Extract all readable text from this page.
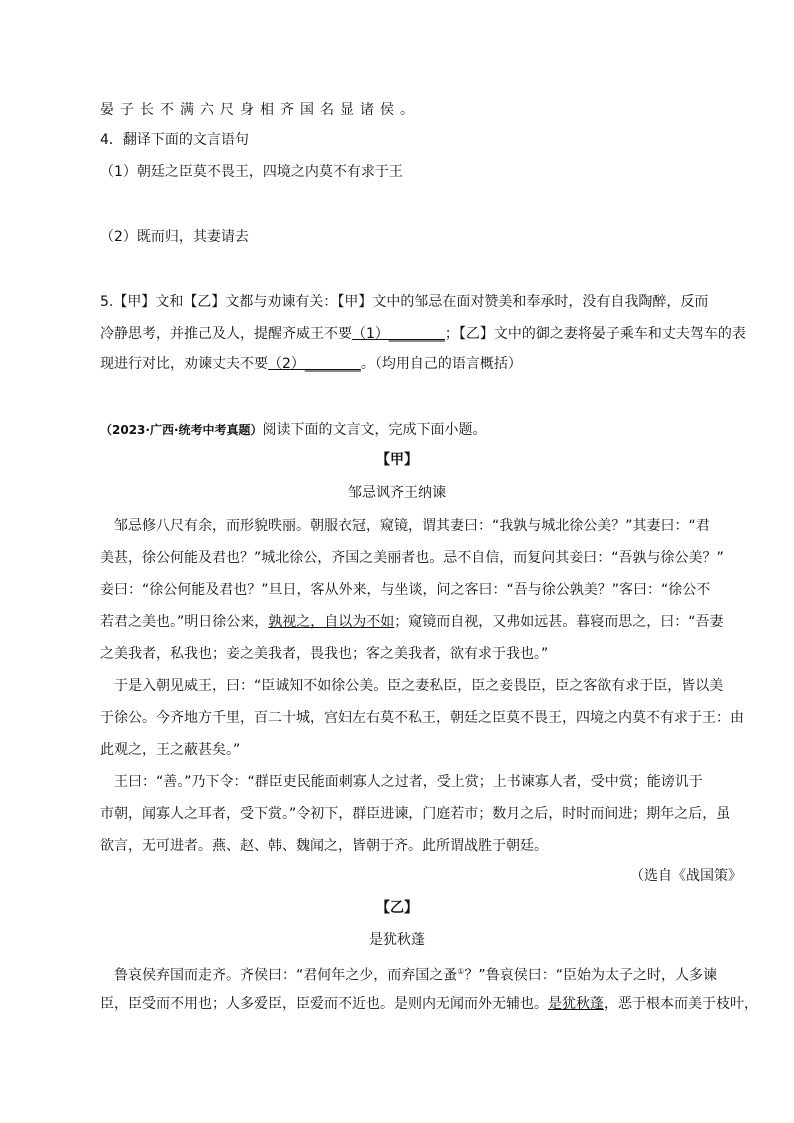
晏子长不满六尺身相齐国名显诸侯。
4．翻译下面的文言语句
（1）朝廷之臣莫不畏王，四境之内莫不有求于王
（2）既而归，其妻请去
5.【甲】文和【乙】文都与劝谏有关：【甲】文中的邹忌在面对赞美和奉承时，没有自我陶醉，反而
冷静思考，并推己及人，提醒齐威王不要（1）________；【乙】文中的御之妻将晏子乘车和丈夫驾车的表
现进行对比，劝谏丈夫不要（2）________。（均用自己的语言概括）
（2023·广西·统考中考真题）阅读下面的文言文，完成下面小题。
【甲】
邹忌讽齐王纳谏
邹忌修八尺有余，而形貌昳丽。朝服衣冠，窥镜，谓其妻曰：“我孰与城北徐公美？”其妻曰：“君
美甚，徐公何能及君也？”城北徐公，齐国之美丽者也。忌不自信，而复问其妾曰：“吾孰与徐公美？”
妾曰：“徐公何能及君也？”旦日，客从外来，与坐谈，问之客曰：“吾与徐公孰美？”客曰：“徐公不
若君之美也。”明日徐公来，孰视之，自以为不如；窥镜而自视，又弗如远甚。暮寝而思之，曰：“吾妻
之美我者，私我也；妾之美我者，畏我也；客之美我者，欲有求于我也。”
于是入朝见威王，曰：“臣诚知不如徐公美。臣之妻私臣，臣之妾畏臣，臣之客欲有求于臣，皆以美
于徐公。今齐地方千里，百二十城，宫妇左右莫不私王，朝廷之臣莫不畏王，四境之内莫不有求于王：由
此观之，王之蔽甚矣。”
王曰：“善。”乃下令：“群臣吏民能面刺寡人之过者，受上赏；上书谏寡人者，受中赏；能谤讥于
市朝，闻寡人之耳者，受下赏。”令初下，群臣进谏，门庭若市；数月之后，时时而间进；期年之后，虽
欲言，无可进者。燕、赵、韩、魏闻之，皆朝于齐。此所谓战胜于朝廷。
（选自《战国策》
【乙】
是犹秋蓬
鲁哀侯弃国而走齐。齐侯曰：“君何年之少，而弃国之蚤①？”鲁哀侯曰：“臣始为太子之时，人多谏
臣，臣受而不用也；人多爱臣，臣爱而不近也。是则内无闻而外无辅也。是犹秋蓬，恶于根本而美于枝叶，
